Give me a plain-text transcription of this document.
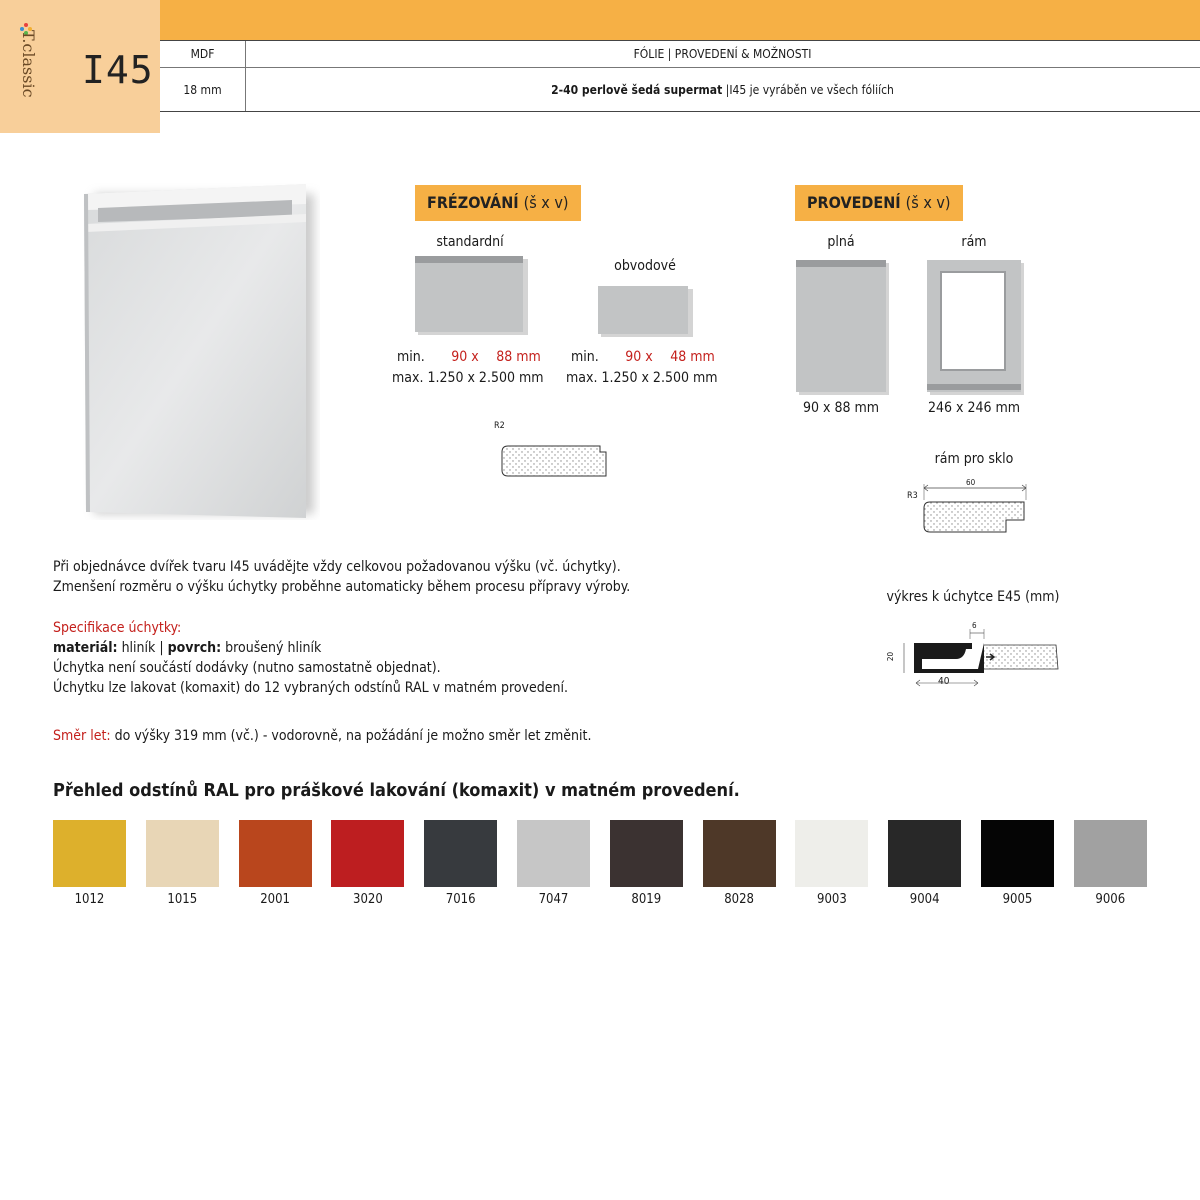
T.classic I45	MDF	FÓLIE | PROVEDENÍ & MOŽNOSTI
18 mm	2-40 perlově šedá supermat |I45 je vyráběn ve všech fóliích
FRÉZOVÁNÍ (š x v)
standardní
obvodové
min. 90 x 88 mm
max. 1.250 x 2.500 mm
min. 90 x 48 mm
max. 1.250 x 2.500 mm
R2
PROVEDENÍ (š x v)
plná	rám
90 x 88 mm	246 x 246 mm
rám pro sklo
R3
60
výkres k úchytce E45 (mm)
6
20
40
Při objednávce dvířek tvaru I45 uvádějte vždy celkovou požadovanou výšku (vč. úchytky).
Zmenšení rozměru o výšku úchytky proběhne automaticky během procesu přípravy výroby.
Specifikace úchytky:
materiál: hliník | povrch: broušený hliník
Úchytka není součástí dodávky (nutno samostatně objednat).
Úchytku lze lakovat (komaxit) do 12 vybraných odstínů RAL v matném provedení.
Směr let: do výšky 319 mm (vč.) - vodorovně, na požádání je možno směr let změnit.
Přehled odstínů RAL pro práškové lakování (komaxit) v matném provedení.
1012	1015	2001	3020	7016	7047	8019	8028	9003	9004	9005	9006
